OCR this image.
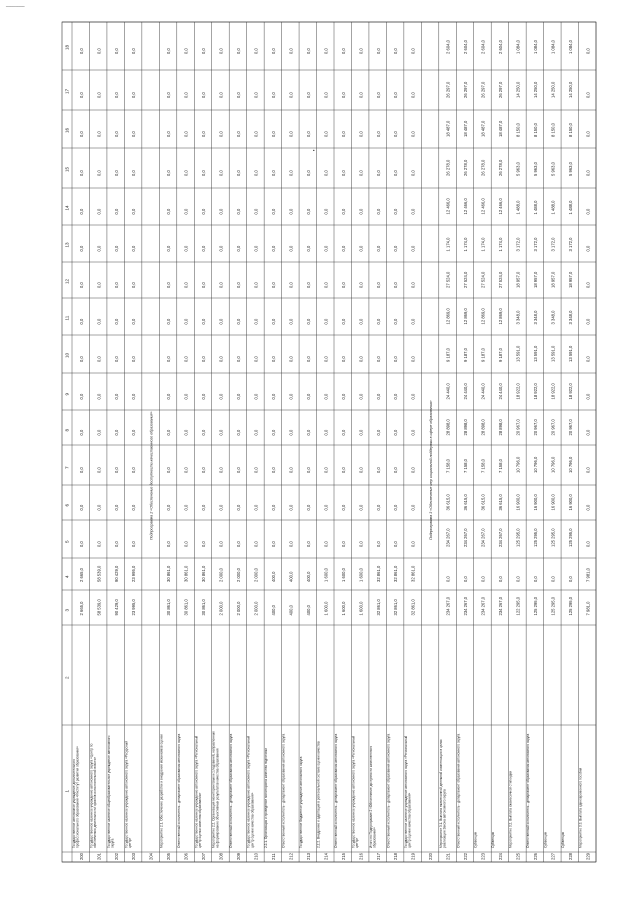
________
•
18
17
16
15
14
13
12
11
10
9
8
7
6
5
4
3
2
1
200
Государственное автономное учреждение дополнительного профессионального образования «Институт развития образования»
2 665,0
2 665,0
0,0
0,0
0,0
0,0
0,0
0,0
0,0
0,0
0,0
0,0
0,0
0,0
0,0
0,0
201
Государственное казенное учреждение автономного округа «Центр по обеспечению деятельности органов исполнительной власти»
58 539,0
58 539,0
0,0
0,0
0,0
0,0
0,0
0,0
0,0
0,0
0,0
0,0
0,0
0,0
0,0
0,0
202
Государственное казенное общеобразовательное учреждение автономного округа
90 429,0
90 429,0
0,0
0,0
0,0
0,0
0,0
0,0
0,0
0,0
0,0
0,0
0,0
0,0
0,0
0,0
203
Государственное казенное учреждение автономного округа «Ресурсный центр»
23 995,0
23 995,0
0,0
0,0
0,0
0,0
0,0
0,0
0,0
0,0
0,0
0,0
0,0
0,0
0,0
0,0
204
Подпрограмма 2 «Обеспечение доступности качественного образования»
205
Мероприятие 2.1. Обеспечение разработки и внедрения механизмов оценки
30 861,0
30 861,0
0,0
0,0
0,0
0,0
0,0
0,0
0,0
0,0
0,0
0,0
0,0
0,0
0,0
0,0
206
Ответственный исполнитель - департамент образования автономного округа
30 861,0
30 861,0
0,0
0,0
0,0
0,0
0,0
0,0
0,0
0,0
0,0
0,0
0,0
0,0
0,0
0,0
207
Государственное казенное учреждение автономного округа «Региональный центр оценки качества образования»
30 861,0
30 861,0
0,0
0,0
0,0
0,0
0,0
0,0
0,0
0,0
0,0
0,0
0,0
0,0
0,0
0,0
208
Мероприятие 2.2. Организация мониторинговых исследований, направленных на формирование объективных результатов качества образования
2 000,0
2 000,0
0,0
0,0
0,0
0,0
0,0
0,0
0,0
0,0
0,0
0,0
0,0
0,0
0,0
0,0
209
Ответственный исполнитель - департамент образования автономного округа
2 000,0
2 000,0
0,0
0,0
0,0
0,0
0,0
0,0
0,0
0,0
0,0
0,0
0,0
0,0
0,0
0,0
210
Государственное казенное учреждение автономного округа «Региональный центр оценки качества образования»
2 000,0
2 000,0
0,0
0,0
0,0
0,0
0,0
0,0
0,0
0,0
0,0
0,0
0,0
0,0
0,0
0,0
211
2.2.1. Организация и проведение мониторинга качества подготовки
400,0
400,0
0,0
0,0
0,0
0,0
0,0
0,0
0,0
0,0
0,0
0,0
0,0
0,0
0,0
0,0
212
Ответственный исполнитель - департамент образования автономного округа
400,0
400,0
0,0
0,0
0,0
0,0
0,0
0,0
0,0
0,0
0,0
0,0
0,0
0,0
0,0
0,0
213
Государственное бюджетное учреждение автономного округа
400,0
400,0
0,0
0,0
0,0
0,0
0,0
0,0
0,0
0,0
0,0
0,0
0,0
0,0
0,0
0,0
214
2.2.2. Внедрение и адаптация в региональной системе оценки качества
1 600,0
1 600,0
0,0
0,0
0,0
0,0
0,0
0,0
0,0
0,0
0,0
0,0
0,0
0,0
0,0
0,0
215
Ответственный исполнитель - департамент образования автономного округа
1 600,0
1 600,0
0,0
0,0
0,0
0,0
0,0
0,0
0,0
0,0
0,0
0,0
0,0
0,0
0,0
0,0
216
Государственное казенное учреждение автономного округа «Региональный центр»
1 600,0
1 600,0
0,0
0,0
0,0
0,0
0,0
0,0
0,0
0,0
0,0
0,0
0,0
0,0
0,0
0,0
217
Итого по Подпрограмме 2 «Обеспечение доступности качественного образования»
32 861,0
32 861,0
0,0
0,0
0,0
0,0
0,0
0,0
0,0
0,0
0,0
0,0
0,0
0,0
0,0
0,0
218
Ответственный исполнитель - департамент образования автономного округа
32 861,0
32 861,0
0,0
0,0
0,0
0,0
0,0
0,0
0,0
0,0
0,0
0,0
0,0
0,0
0,0
0,0
219
Государственное казенное учреждение автономного округа «Региональный центр оценки качества образования»
32 861,0
32 861,0
0,0
0,0
0,0
0,0
0,0
0,0
0,0
0,0
0,0
0,0
0,0
0,0
0,0
0,0
220
Подпрограмма 3 «Обеспечение мер социальной поддержки в сфере образования»
221
Мероприятие 3.1. Выплата ежемесячной денежной компенсации в целях реализации Закона автономного округа
234 267,0
0,0
234 267,0
36 615,0
7 158,0
28 898,0
24 440,0
9 187,0
12 869,0
27 524,0
1 174,0
12 466,0
26 278,0
18 487,0
26 297,0
2 604,0
222
Ответственный исполнитель - департамент образования автономного округа
234 267,0
0,0
234 267,0
36 615,0
7 158,0
28 898,0
24 440,0
9 187,0
12 869,0
27 524,0
1 174,0
12 466,0
26 278,0
18 487,0
26 297,0
2 604,0
223
Субвенции
234 267,0
0,0
234 267,0
36 615,0
7 158,0
28 898,0
24 440,0
9 187,0
12 869,0
27 524,0
1 174,0
12 466,0
26 278,0
18 487,0
26 297,0
2 604,0
224
Субвенции
234 267,0
0,0
234 267,0
36 615,0
7 158,0
28 898,0
24 440,0
9 187,0
12 869,0
27 524,0
1 174,0
12 466,0
26 278,0
18 487,0
26 297,0
2 604,0
225
Мероприятие 3.2. Выплата ежемесячной стипендии
122 295,0
0,0
125 295,0
16 900,0
10 796,0
20 967,0
18 922,0
13 591,0
3 348,0
18 957,0
3 172,0
1 488,0
5 963,0
8 150,0
14 250,0
1 084,0
226
Ответственный исполнитель - департамент образования автономного округа
125 295,0
0,0
125 295,0
16 900,0
10 796,0
20 967,0
18 922,0
13 591,0
3 348,0
18 957,0
3 172,0
1 488,0
5 963,0
8 150,0
14 250,0
1 084,0
227
Субвенции
125 295,0
0,0
125 295,0
16 900,0
10 796,0
20 967,0
18 922,0
13 591,0
3 348,0
18 957,0
3 172,0
1 488,0
5 963,0
8 150,0
14 250,0
1 084,0
228
Субвенции
125 295,0
0,0
125 295,0
16 900,0
10 796,0
20 967,0
18 922,0
13 591,0
3 348,0
18 957,0
3 172,0
1 488,0
5 963,0
8 150,0
14 250,0
1 084,0
229
Мероприятие 3.3. Выплата единовременного пособия
7 981,0
7 981,0
0,0
0,0
0,0
0,0
0,0
0,0
0,0
0,0
0,0
0,0
0,0
0,0
0,0
0,0
